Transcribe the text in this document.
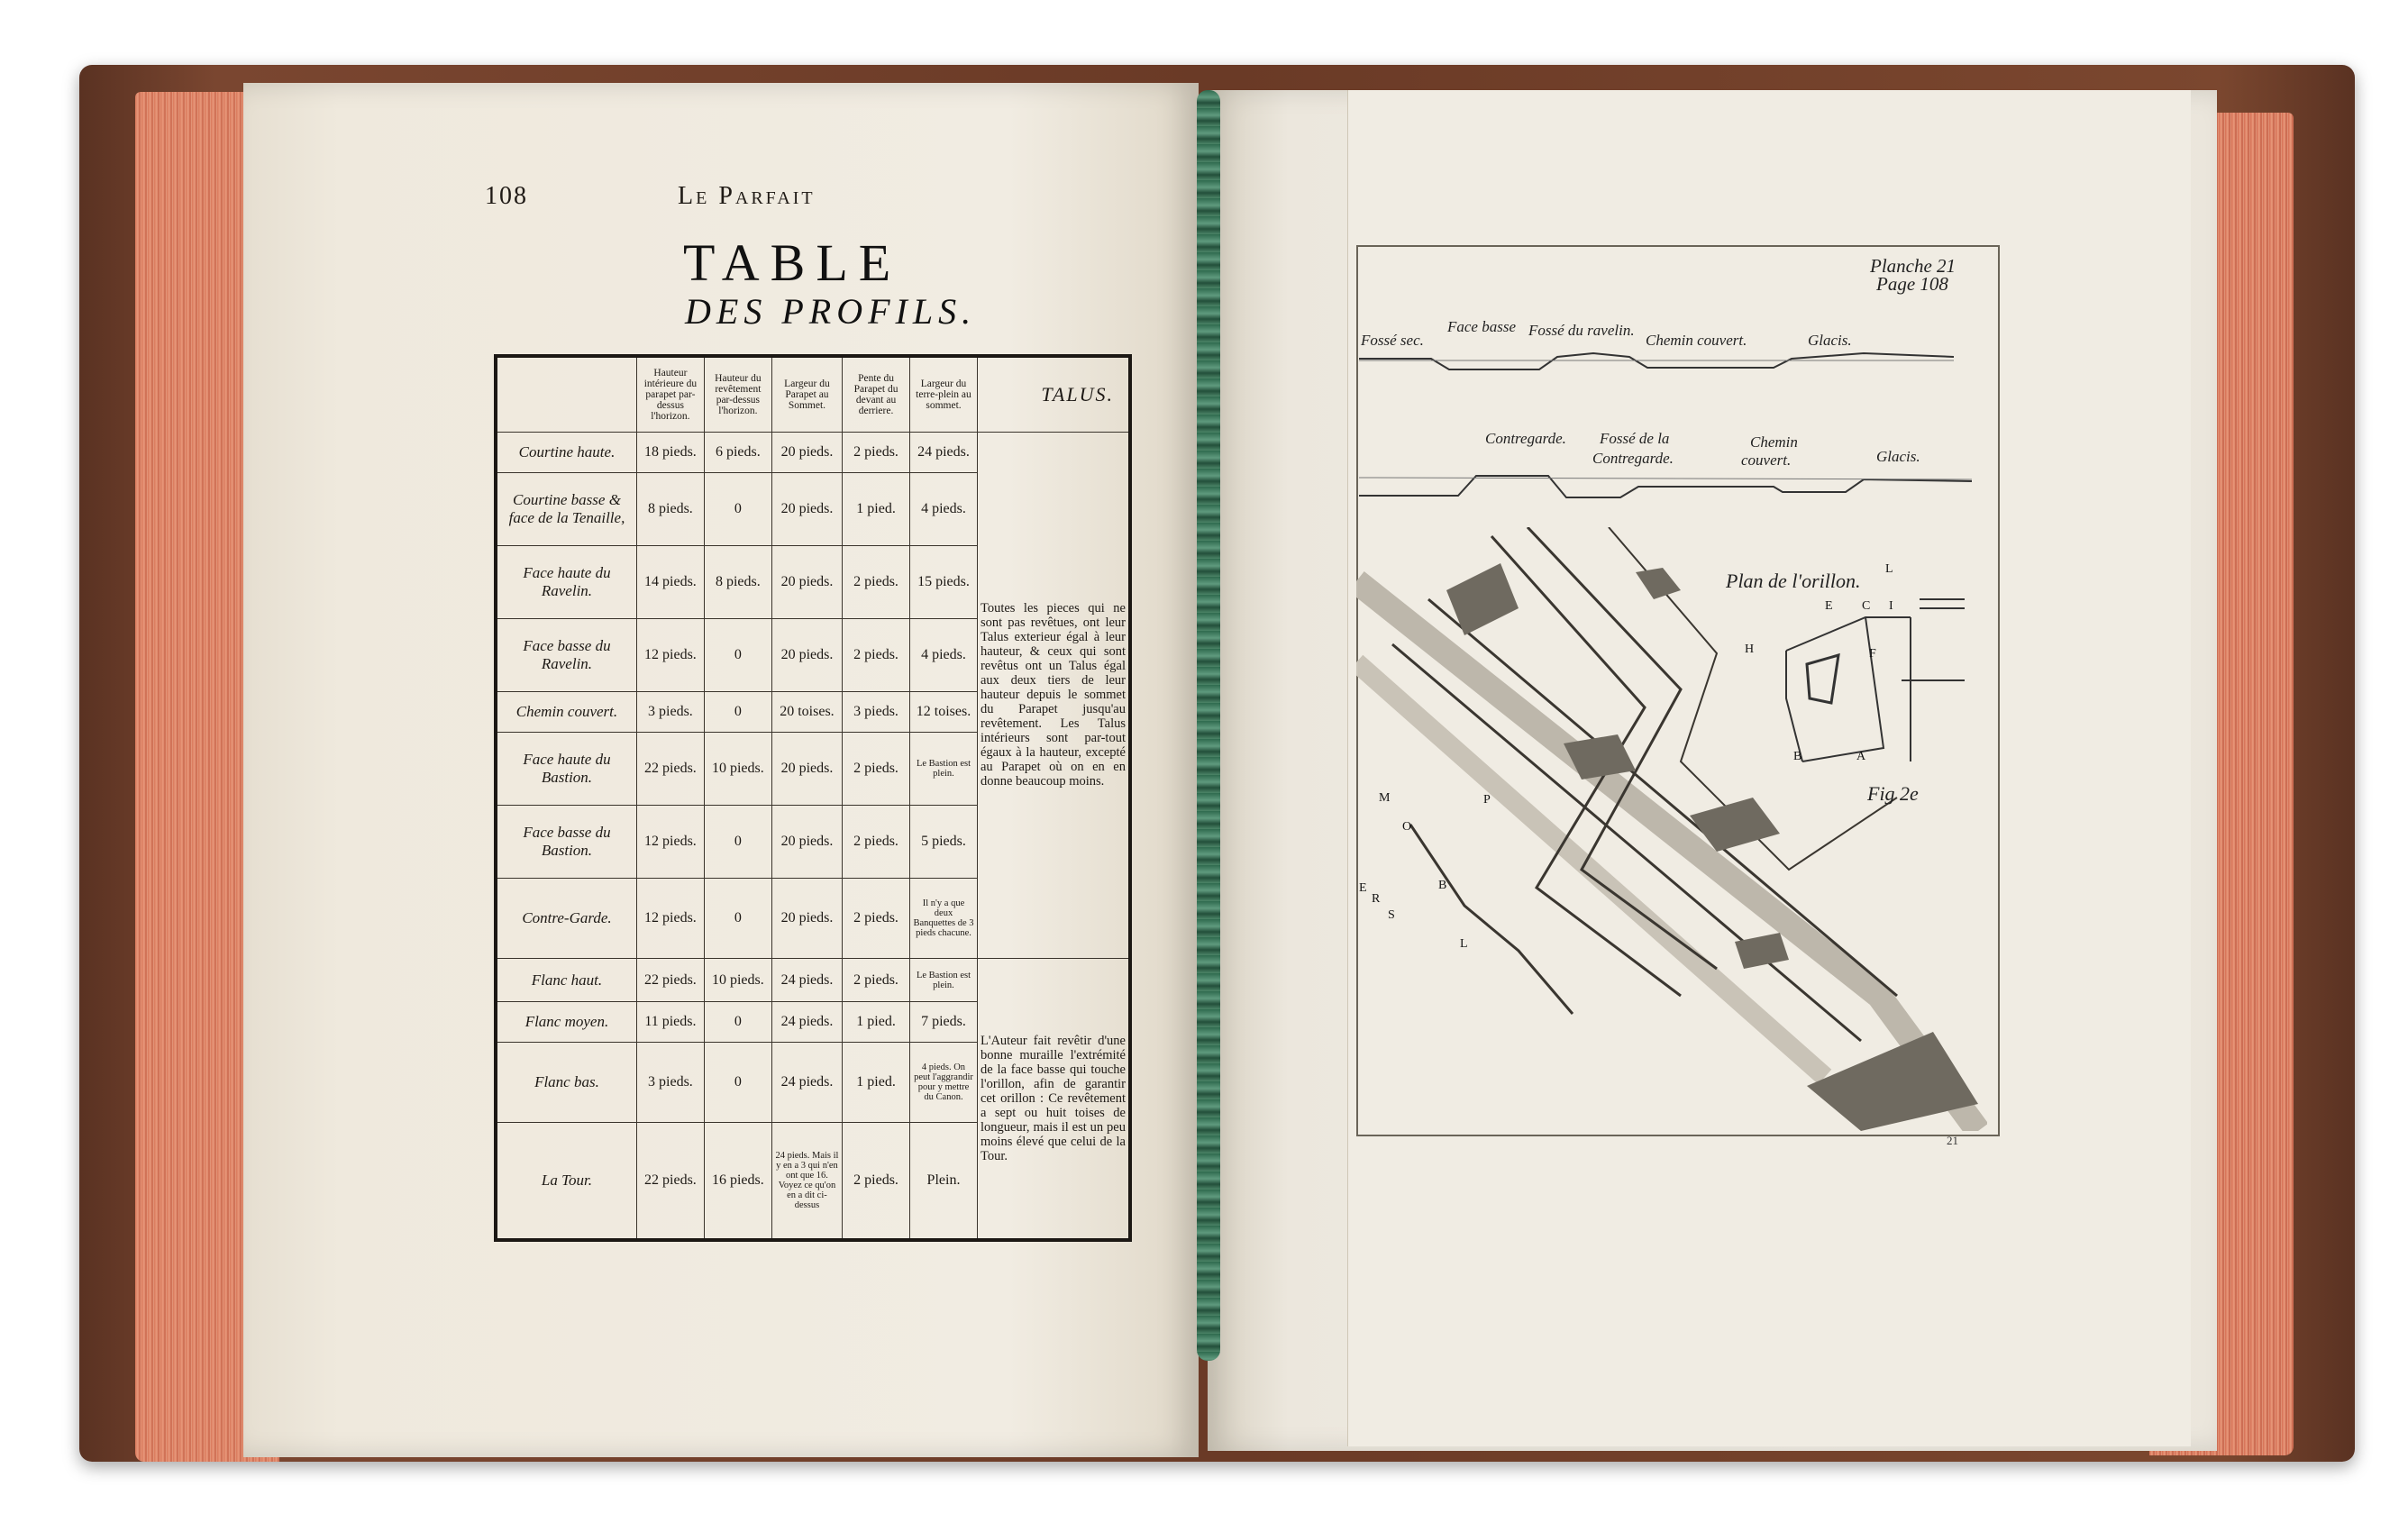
108	Le Parfait
TABLE
DES PROFILS.
	Hauteur intérieure du parapet par-dessus l'horizon.	Hauteur du revêtement par-dessus l'horizon.	Largeur du Parapet au Sommet.	Pente du Parapet du devant au derriere.	Largeur du terre-plein au sommet.	TALUS.
Courtine haute.	18 pieds.	6 pieds.	20 pieds.	2 pieds.	24 pieds.	Toutes les pieces qui ne sont pas revêtues, ont leur Talus exterieur égal à leur hauteur, & ceux qui sont revêtus ont un Talus égal aux deux tiers de leur hauteur depuis le sommet du Parapet jusqu'au revêtement. Les Talus intérieurs sont par-tout égaux à la hauteur, excepté au Parapet où on en en donne beaucoup moins.
Courtine basse & face de la Tenaille,	8 pieds.	0	20 pieds.	1 pied.	4 pieds.	
Face haute du Ravelin.	14 pieds.	8 pieds.	20 pieds.	2 pieds.	15 pieds.	
Face basse du Ravelin.	12 pieds.	0	20 pieds.	2 pieds.	4 pieds.	
Chemin couvert.	3 pieds.	0	20 toises.	3 pieds.	12 toises.	
Face haute du Bastion.	22 pieds.	10 pieds.	20 pieds.	2 pieds.	Le Bastion est plein.	
Face basse du Bastion.	12 pieds.	0	20 pieds.	2 pieds.	5 pieds.	
Contre-Garde.	12 pieds.	0	20 pieds.	2 pieds.	Il n'y a que deux Banquettes de 3 pieds chacune.	
Flanc haut.	22 pieds.	10 pieds.	24 pieds.	2 pieds.	Le Bastion est plein.	L'Auteur fait revêtir d'une bonne muraille l'extrémité de la face basse qui touche l'orillon, afin de garantir cet orillon : Ce revêtement a sept ou huit toises de longueur, mais il est un peu moins élevé que celui de la Tour.
Flanc moyen.	11 pieds.	0	24 pieds.	1 pied.	7 pieds.	
Flanc bas.	3 pieds.	0	24 pieds.	1 pied.	4 pieds. On peut l'aggrandir pour y mettre du Canon.	
La Tour.	22 pieds.	16 pieds.	24 pieds. Mais il y en a 3 qui n'en ont que 16. Voyez ce qu'on en a dit ci-dessus	2 pieds.	Plein.	
Planche 21
Page 108
Fossé sec.
Face basse Fossé du ravelin.
Chemin couvert.	Glacis.
Contregarde. Fossé de la
Contregarde.
Chemin
couvert.	Glacis.
M	P
O
B
E
R
S
L
Plan de l'orillon.
L
E C I
H	F
B	A
Fig 2e
21
